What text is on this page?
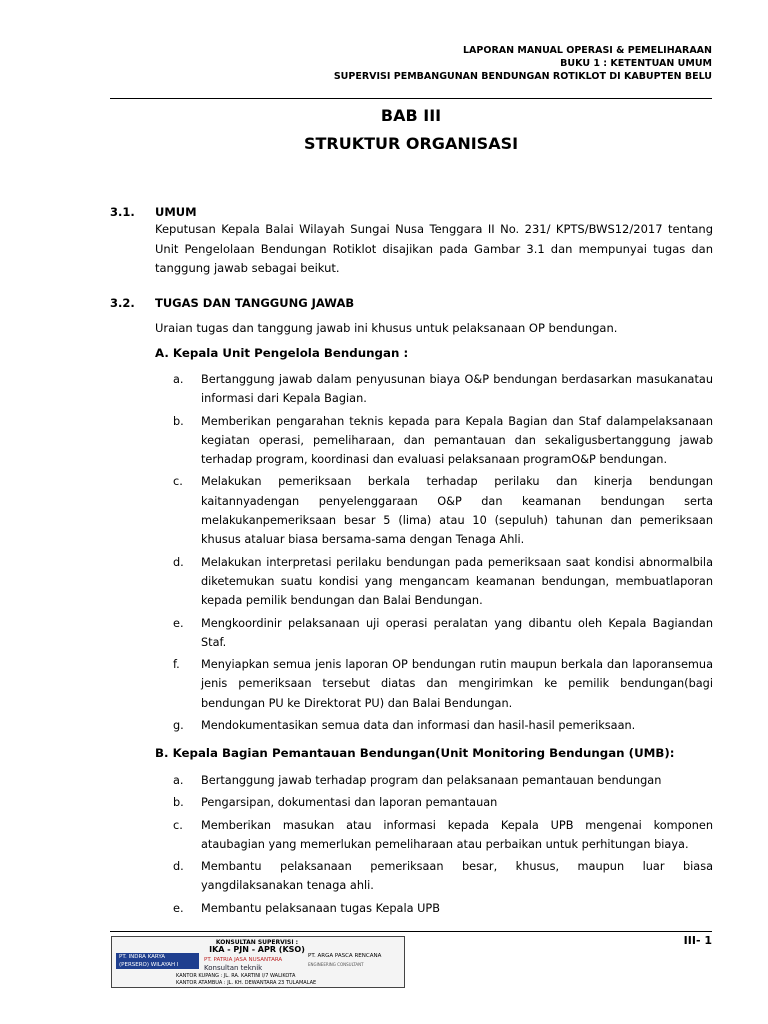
LAPORAN MANUAL OPERASI & PEMELIHARAAN
BUKU 1 : KETENTUAN UMUM
SUPERVISI PEMBANGUNAN BENDUNGAN ROTIKLOT DI KABUPTEN BELU
BAB III
STRUKTUR ORGANISASI
3.1. UMUM
Keputusan Kepala Balai Wilayah Sungai Nusa Tenggara II No. 231/ KPTS/BWS12/2017 tentang Unit Pengelolaan Bendungan Rotiklot disajikan pada Gambar 3.1 dan mempunyai tugas dan tanggung jawab sebagai beikut.
3.2. TUGAS DAN TANGGUNG JAWAB
Uraian tugas dan tanggung jawab ini khusus untuk pelaksanaan OP bendungan.
A. Kepala Unit Pengelola Bendungan :
a. Bertanggung jawab dalam penyusunan biaya O&P bendungan berdasarkan masukanatau informasi dari Kepala Bagian.
b. Memberikan pengarahan teknis kepada para Kepala Bagian dan Staf dalampelaksanaan kegiatan operasi, pemeliharaan, dan pemantauan dan sekaligusbertanggung jawab terhadap program, koordinasi dan evaluasi pelaksanaan programO&P bendungan.
c. Melakukan pemeriksaan berkala terhadap perilaku dan kinerja bendungan kaitannyadengan penyelenggaraan O&P dan keamanan bendungan serta melakukanpemeriksaan besar 5 (lima) atau 10 (sepuluh) tahunan dan pemeriksaan khusus ataluar biasa bersama-sama dengan Tenaga Ahli.
d. Melakukan interpretasi perilaku bendungan pada pemeriksaan saat kondisi abnormalbila diketemukan suatu kondisi yang mengancam keamanan bendungan, membuatlaporan kepada pemilik bendungan dan Balai Bendungan.
e. Mengkoordinir pelaksanaan uji operasi peralatan yang dibantu oleh Kepala Bagiandan Staf.
f. Menyiapkan semua jenis laporan OP bendungan rutin maupun berkala dan laporansemua jenis pemeriksaan tersebut diatas dan mengirimkan ke pemilik bendungan(bagi bendungan PU ke Direktorat PU) dan Balai Bendungan.
g. Mendokumentasikan semua data dan informasi dan hasil-hasil pemeriksaan.
B. Kepala Bagian Pemantauan Bendungan(Unit Monitoring Bendungan (UMB):
a. Bertanggung jawab terhadap program dan pelaksanaan pemantauan bendungan
b. Pengarsipan, dokumentasi dan laporan pemantauan
c. Memberikan masukan atau informasi kepada Kepala UPB mengenai komponen ataubagian yang memerlukan pemeliharaan atau perbaikan untuk perhitungan biaya.
d. Membantu pelaksanaan pemeriksaan besar, khusus, maupun luar biasa yangdilaksanakan tenaga ahli.
e. Membantu pelaksanaan tugas Kepala UPB
III- 1
KONSULTAN SUPERVISI :
IKA - PJN - APR (KSO)
PT. INDRA KARYA
(PERSERO) WILAYAH I
PT. PATRIA JASA NUSANTARA
Konsultan teknik
PT. ARGA PASCA RENCANA
ENGINEERING CONSULTANT
KANTOR KUPANG : JL. RA. KARTINI I/7 WALIKOTA
KANTOR ATAMBUA : JL. KH. DEWANTARA 23 TULAMALAE
